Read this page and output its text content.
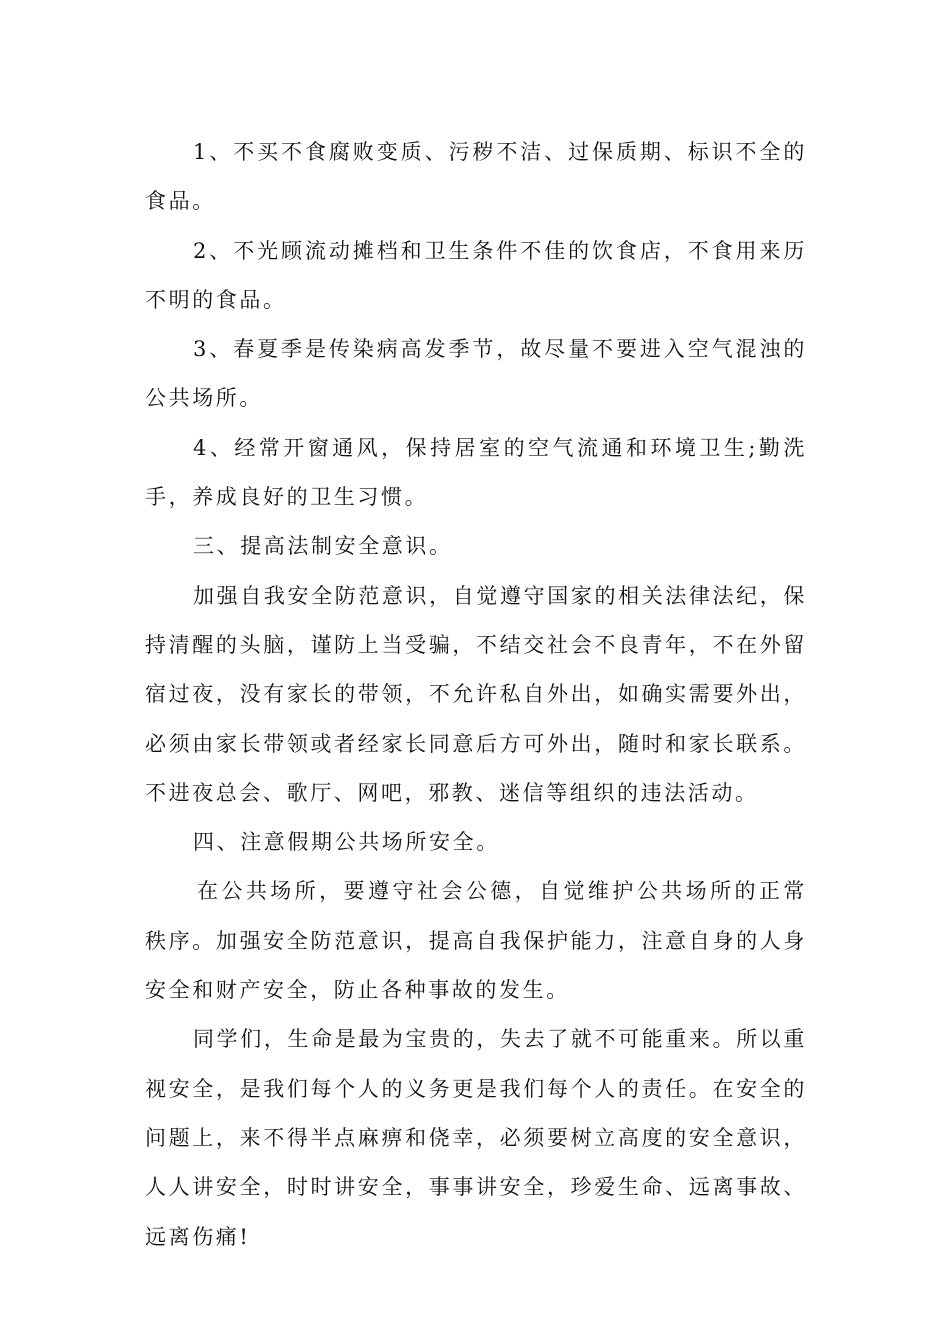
1、不买不食腐败变质、污秽不洁、过保质期、标识不全的食品。

2、不光顾流动摊档和卫生条件不佳的饮食店，不食用来历不明的食品。

3、春夏季是传染病高发季节，故尽量不要进入空气混浊的公共场所。

4、经常开窗通风，保持居室的空气流通和环境卫生;勤洗手，养成良好的卫生习惯。

三、提高法制安全意识。

加强自我安全防范意识，自觉遵守国家的相关法律法纪，保持清醒的头脑，谨防上当受骗，不结交社会不良青年，不在外留宿过夜，没有家长的带领，不允许私自外出，如确实需要外出，必须由家长带领或者经家长同意后方可外出，随时和家长联系。不进夜总会、歌厅、网吧，邪教、迷信等组织的违法活动。

四、注意假期公共场所安全。

在公共场所，要遵守社会公德，自觉维护公共场所的正常秩序。加强安全防范意识，提高自我保护能力，注意自身的人身安全和财产安全，防止各种事故的发生。

同学们，生命是最为宝贵的，失去了就不可能重来。所以重视安全，是我们每个人的义务更是我们每个人的责任。在安全的问题上，来不得半点麻痹和侥幸，必须要树立高度的安全意识，人人讲安全，时时讲安全，事事讲安全，珍爱生命、远离事故、远离伤痛!
